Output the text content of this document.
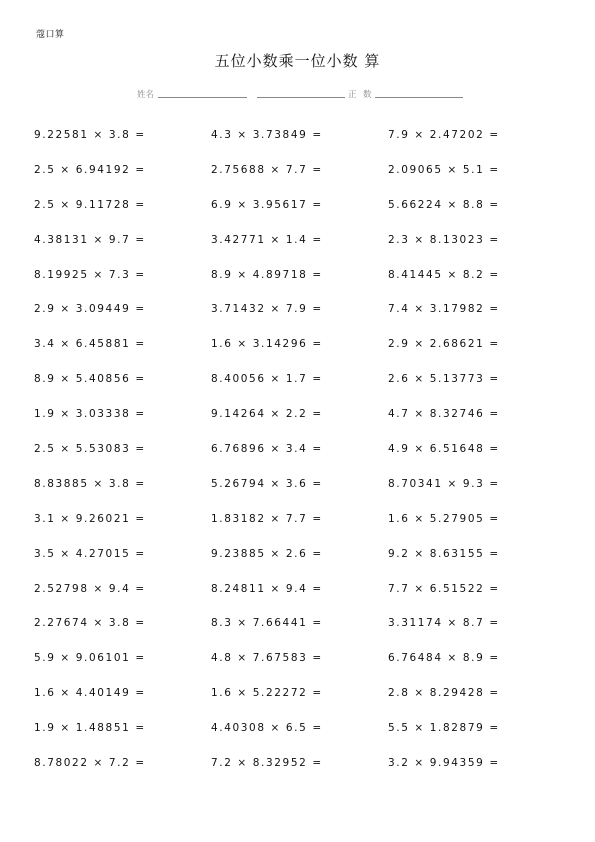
蔻口算
五位小数乘一位小数 算
姓名	正 数
9.22581 × 3.8 =	4.3 × 3.73849 =	7.9 × 2.47202 =
2.5 × 6.94192 =	2.75688 × 7.7 =	2.09065 × 5.1 =
2.5 × 9.11728 =	6.9 × 3.95617 =	5.66224 × 8.8 =
4.38131 × 9.7 =	3.42771 × 1.4 =	2.3 × 8.13023 =
8.19925 × 7.3 =	8.9 × 4.89718 =	8.41445 × 8.2 =
2.9 × 3.09449 =	3.71432 × 7.9 =	7.4 × 3.17982 =
3.4 × 6.45881 =	1.6 × 3.14296 =	2.9 × 2.68621 =
8.9 × 5.40856 =	8.40056 × 1.7 =	2.6 × 5.13773 =
1.9 × 3.03338 =	9.14264 × 2.2 =	4.7 × 8.32746 =
2.5 × 5.53083 =	6.76896 × 3.4 =	4.9 × 6.51648 =
8.83885 × 3.8 =	5.26794 × 3.6 =	8.70341 × 9.3 =
3.1 × 9.26021 =	1.83182 × 7.7 =	1.6 × 5.27905 =
3.5 × 4.27015 =	9.23885 × 2.6 =	9.2 × 8.63155 =
2.52798 × 9.4 =	8.24811 × 9.4 =	7.7 × 6.51522 =
2.27674 × 3.8 =	8.3 × 7.66441 =	3.31174 × 8.7 =
5.9 × 9.06101 =	4.8 × 7.67583 =	6.76484 × 8.9 =
1.6 × 4.40149 =	1.6 × 5.22272 =	2.8 × 8.29428 =
1.9 × 1.48851 =	4.40308 × 6.5 =	5.5 × 1.82879 =
8.78022 × 7.2 =	7.2 × 8.32952 =	3.2 × 9.94359 =
